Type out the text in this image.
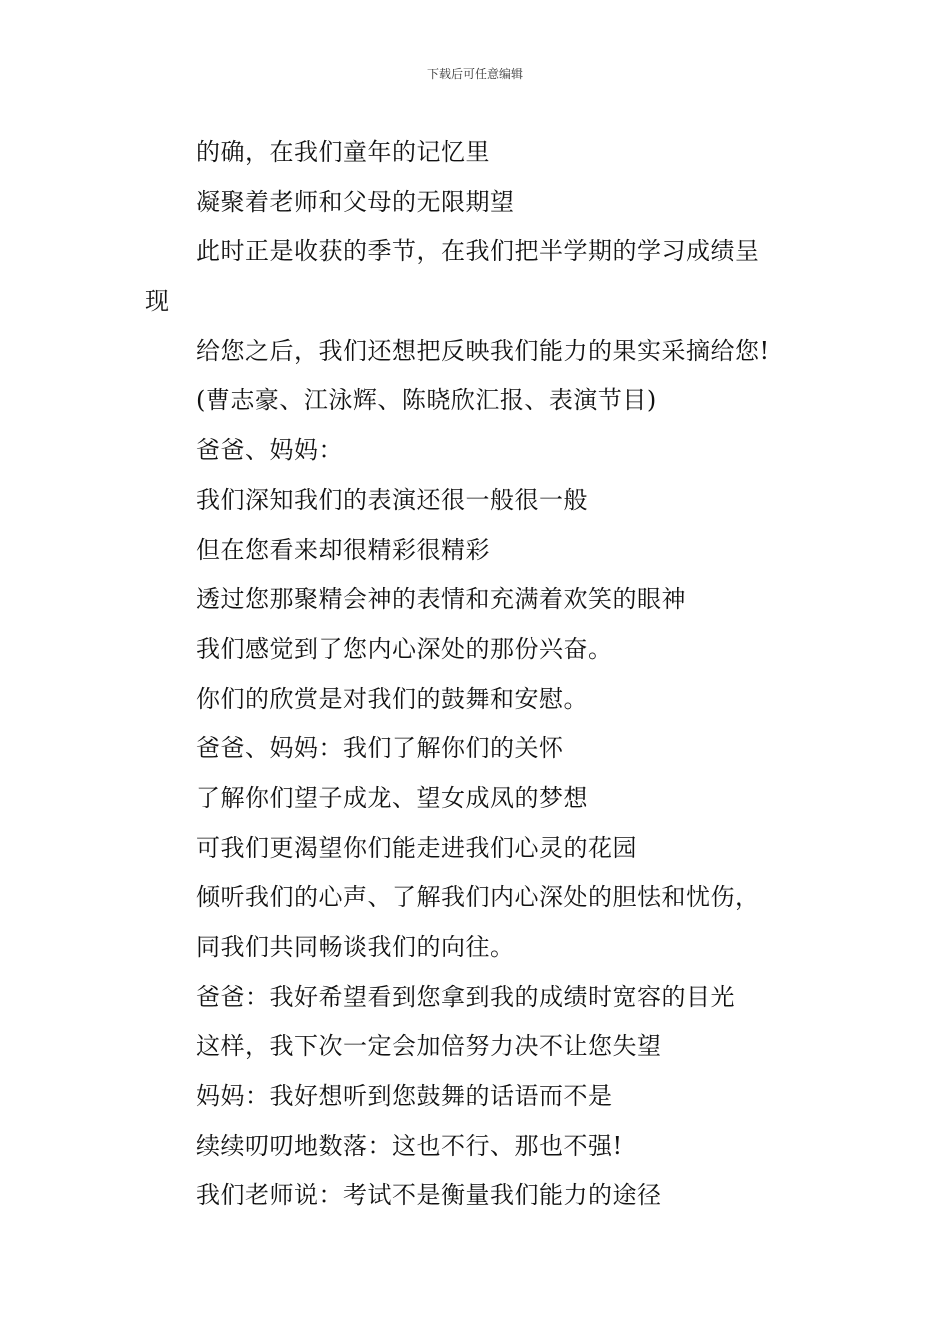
下载后可任意编辑
的确，在我们童年的记忆里
凝聚着老师和父母的无限期望
此时正是收获的季节，在我们把半学期的学习成绩呈
现
给您之后，我们还想把反映我们能力的果实采摘给您!
(曹志豪、江泳辉、陈晓欣汇报、表演节目)
爸爸、妈妈：
我们深知我们的表演还很一般很一般
但在您看来却很精彩很精彩
透过您那聚精会神的表情和充满着欢笑的眼神
我们感觉到了您内心深处的那份兴奋。
你们的欣赏是对我们的鼓舞和安慰。
爸爸、妈妈：我们了解你们的关怀
了解你们望子成龙、望女成凤的梦想
可我们更渴望你们能走进我们心灵的花园
倾听我们的心声、了解我们内心深处的胆怯和忧伤，
同我们共同畅谈我们的向往。
爸爸：我好希望看到您拿到我的成绩时宽容的目光
这样，我下次一定会加倍努力决不让您失望
妈妈：我好想听到您鼓舞的话语而不是
续续叨叨地数落：这也不行、那也不强!
我们老师说：考试不是衡量我们能力的途径
